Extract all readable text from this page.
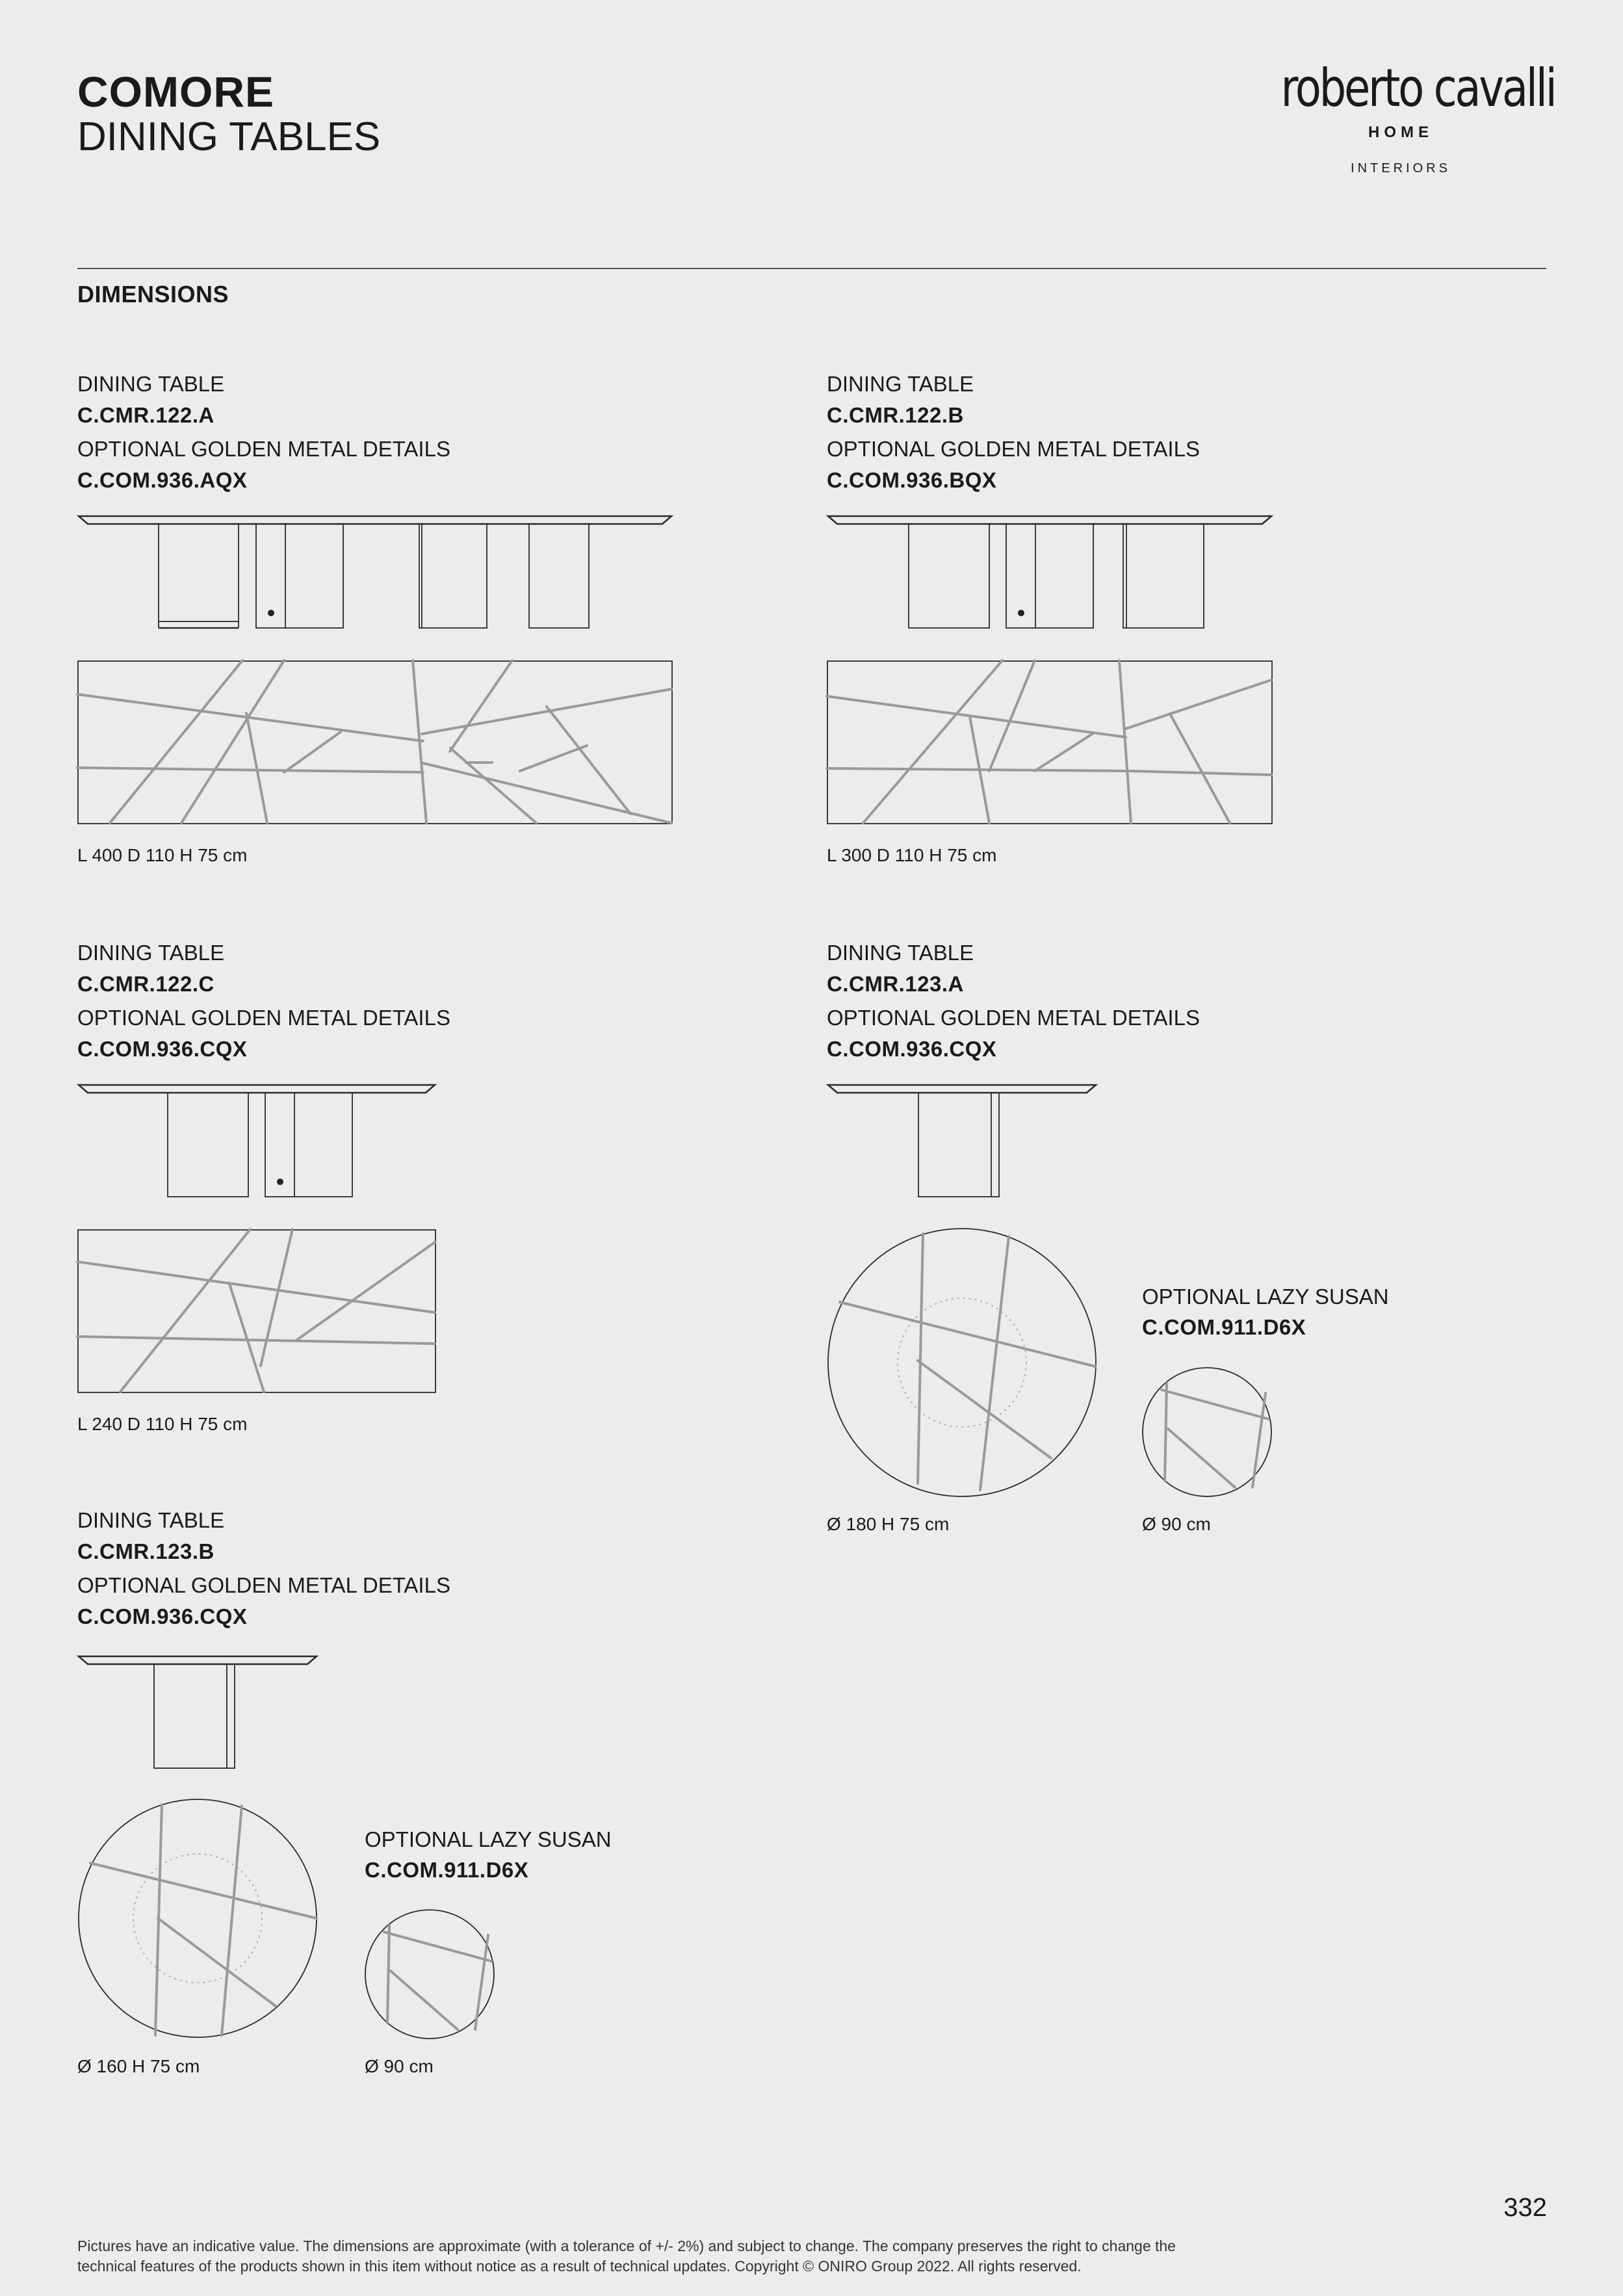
COMORE
DINING TABLES
roberto cavalli
HOME
INTERIORS
DIMENSIONS
DINING TABLE
C.CMR.122.A
OPTIONAL GOLDEN METAL DETAILS
C.COM.936.AQX
L 400 D 110 H 75 cm
DINING TABLE
C.CMR.122.B
OPTIONAL GOLDEN METAL DETAILS
C.COM.936.BQX
L 300 D 110 H 75 cm
DINING TABLE
C.CMR.122.C
OPTIONAL GOLDEN METAL DETAILS
C.COM.936.CQX
L 240 D 110 H 75 cm
DINING TABLE
C.CMR.123.A
OPTIONAL GOLDEN METAL DETAILS
C.COM.936.CQX
OPTIONAL LAZY SUSAN
C.COM.911.D6X
Ø 180 H 75 cm	Ø 90 cm
DINING TABLE
C.CMR.123.B
OPTIONAL GOLDEN METAL DETAILS
C.COM.936.CQX
OPTIONAL LAZY SUSAN
C.COM.911.D6X
Ø 160 H 75 cm	Ø 90 cm
332
Pictures have an indicative value. The dimensions are approximate (with a tolerance of +/- 2%) and subject to change. The company preserves the right to change the
technical features of the products shown in this item without notice as a result of technical updates. Copyright © ONIRO Group 2022. All rights reserved.
